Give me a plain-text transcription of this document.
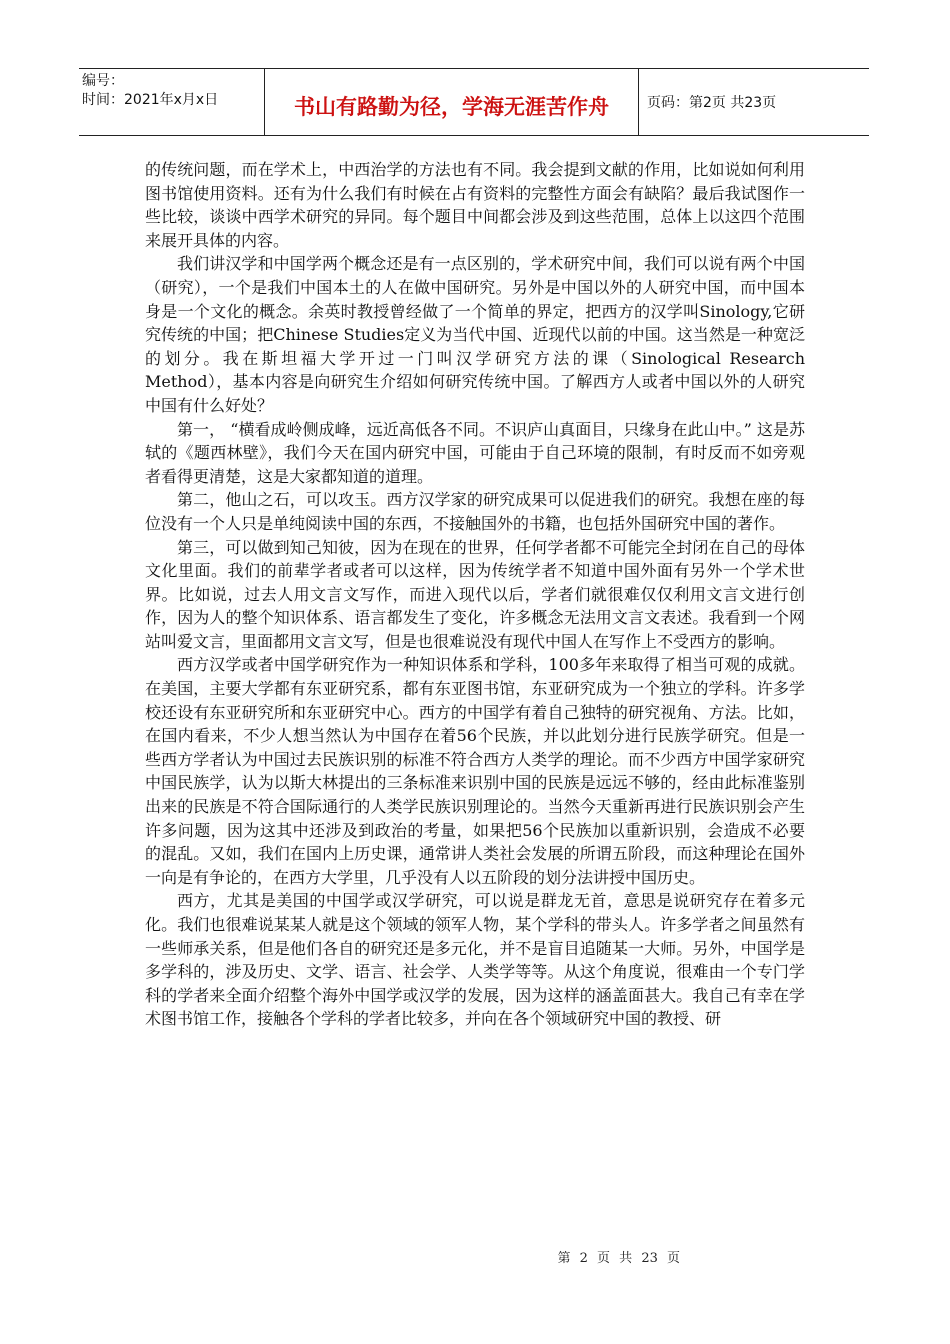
编号：
时间：2021年x月x日	书山有路勤为径，学海无涯苦作舟	页码：第2页 共23页

的传统问题，而在学术上，中西治学的方法也有不同。我会提到文献的作用，比如说如何利用图书馆使用资料。还有为什么我们有时候在占有资料的完整性方面会有缺陷？最后我试图作一些比较，谈谈中西学术研究的异同。每个题目中间都会涉及到这些范围，总体上以这四个范围来展开具体的内容。

我们讲汉学和中国学两个概念还是有一点区别的，学术研究中间，我们可以说有两个中国（研究），一个是我们中国本土的人在做中国研究。另外是中国以外的人研究中国，而中国本身是一个文化的概念。余英时教授曾经做了一个简单的界定，把西方的汉学叫Sinology,它研究传统的中国；把Chinese Studies定义为当代中国、近现代以前的中国。这当然是一种宽泛的划分。我在斯坦福大学开过一门叫汉学研究方法的课（Sinological Research Method），基本内容是向研究生介绍如何研究传统中国。了解西方人或者中国以外的人研究中国有什么好处？

第一， “横看成岭侧成峰，远近高低各不同。不识庐山真面目，只缘身在此山中。” 这是苏轼的《题西林壁》，我们今天在国内研究中国，可能由于自己环境的限制，有时反而不如旁观者看得更清楚，这是大家都知道的道理。

第二，他山之石，可以攻玉。西方汉学家的研究成果可以促进我们的研究。我想在座的每位没有一个人只是单纯阅读中国的东西，不接触国外的书籍，也包括外国研究中国的著作。

第三，可以做到知己知彼，因为在现在的世界，任何学者都不可能完全封闭在自己的母体文化里面。我们的前辈学者或者可以这样，因为传统学者不知道中国外面有另外一个学术世界。比如说，过去人用文言文写作，而进入现代以后，学者们就很难仅仅利用文言文进行创作，因为人的整个知识体系、语言都发生了变化，许多概念无法用文言文表述。我看到一个网站叫爱文言，里面都用文言文写，但是也很难说没有现代中国人在写作上不受西方的影响。

西方汉学或者中国学研究作为一种知识体系和学科，100多年来取得了相当可观的成就。在美国，主要大学都有东亚研究系，都有东亚图书馆，东亚研究成为一个独立的学科。许多学校还设有东亚研究所和东亚研究中心。西方的中国学有着自己独特的研究视角、方法。比如，在国内看来，不少人想当然认为中国存在着56个民族，并以此划分进行民族学研究。但是一些西方学者认为中国过去民族识别的标准不符合西方人类学的理论。而不少西方中国学家研究中国民族学，认为以斯大林提出的三条标准来识别中国的民族是远远不够的，经由此标准鉴别出来的民族是不符合国际通行的人类学民族识别理论的。当然今天重新再进行民族识别会产生许多问题，因为这其中还涉及到政治的考量，如果把56个民族加以重新识别，会造成不必要的混乱。又如，我们在国内上历史课，通常讲人类社会发展的所谓五阶段，而这种理论在国外一向是有争论的，在西方大学里，几乎没有人以五阶段的划分法讲授中国历史。

西方，尤其是美国的中国学或汉学研究，可以说是群龙无首，意思是说研究存在着多元化。我们也很难说某某人就是这个领域的领军人物，某个学科的带头人。许多学者之间虽然有一些师承关系，但是他们各自的研究还是多元化，并不是盲目追随某一大师。另外，中国学是多学科的，涉及历史、文学、语言、社会学、人类学等等。从这个角度说，很难由一个专门学科的学者来全面介绍整个海外中国学或汉学的发展，因为这样的涵盖面甚大。我自己有幸在学术图书馆工作，接触各个学科的学者比较多，并向在各个领域研究中国的教授、研

第 2 页 共 23 页
